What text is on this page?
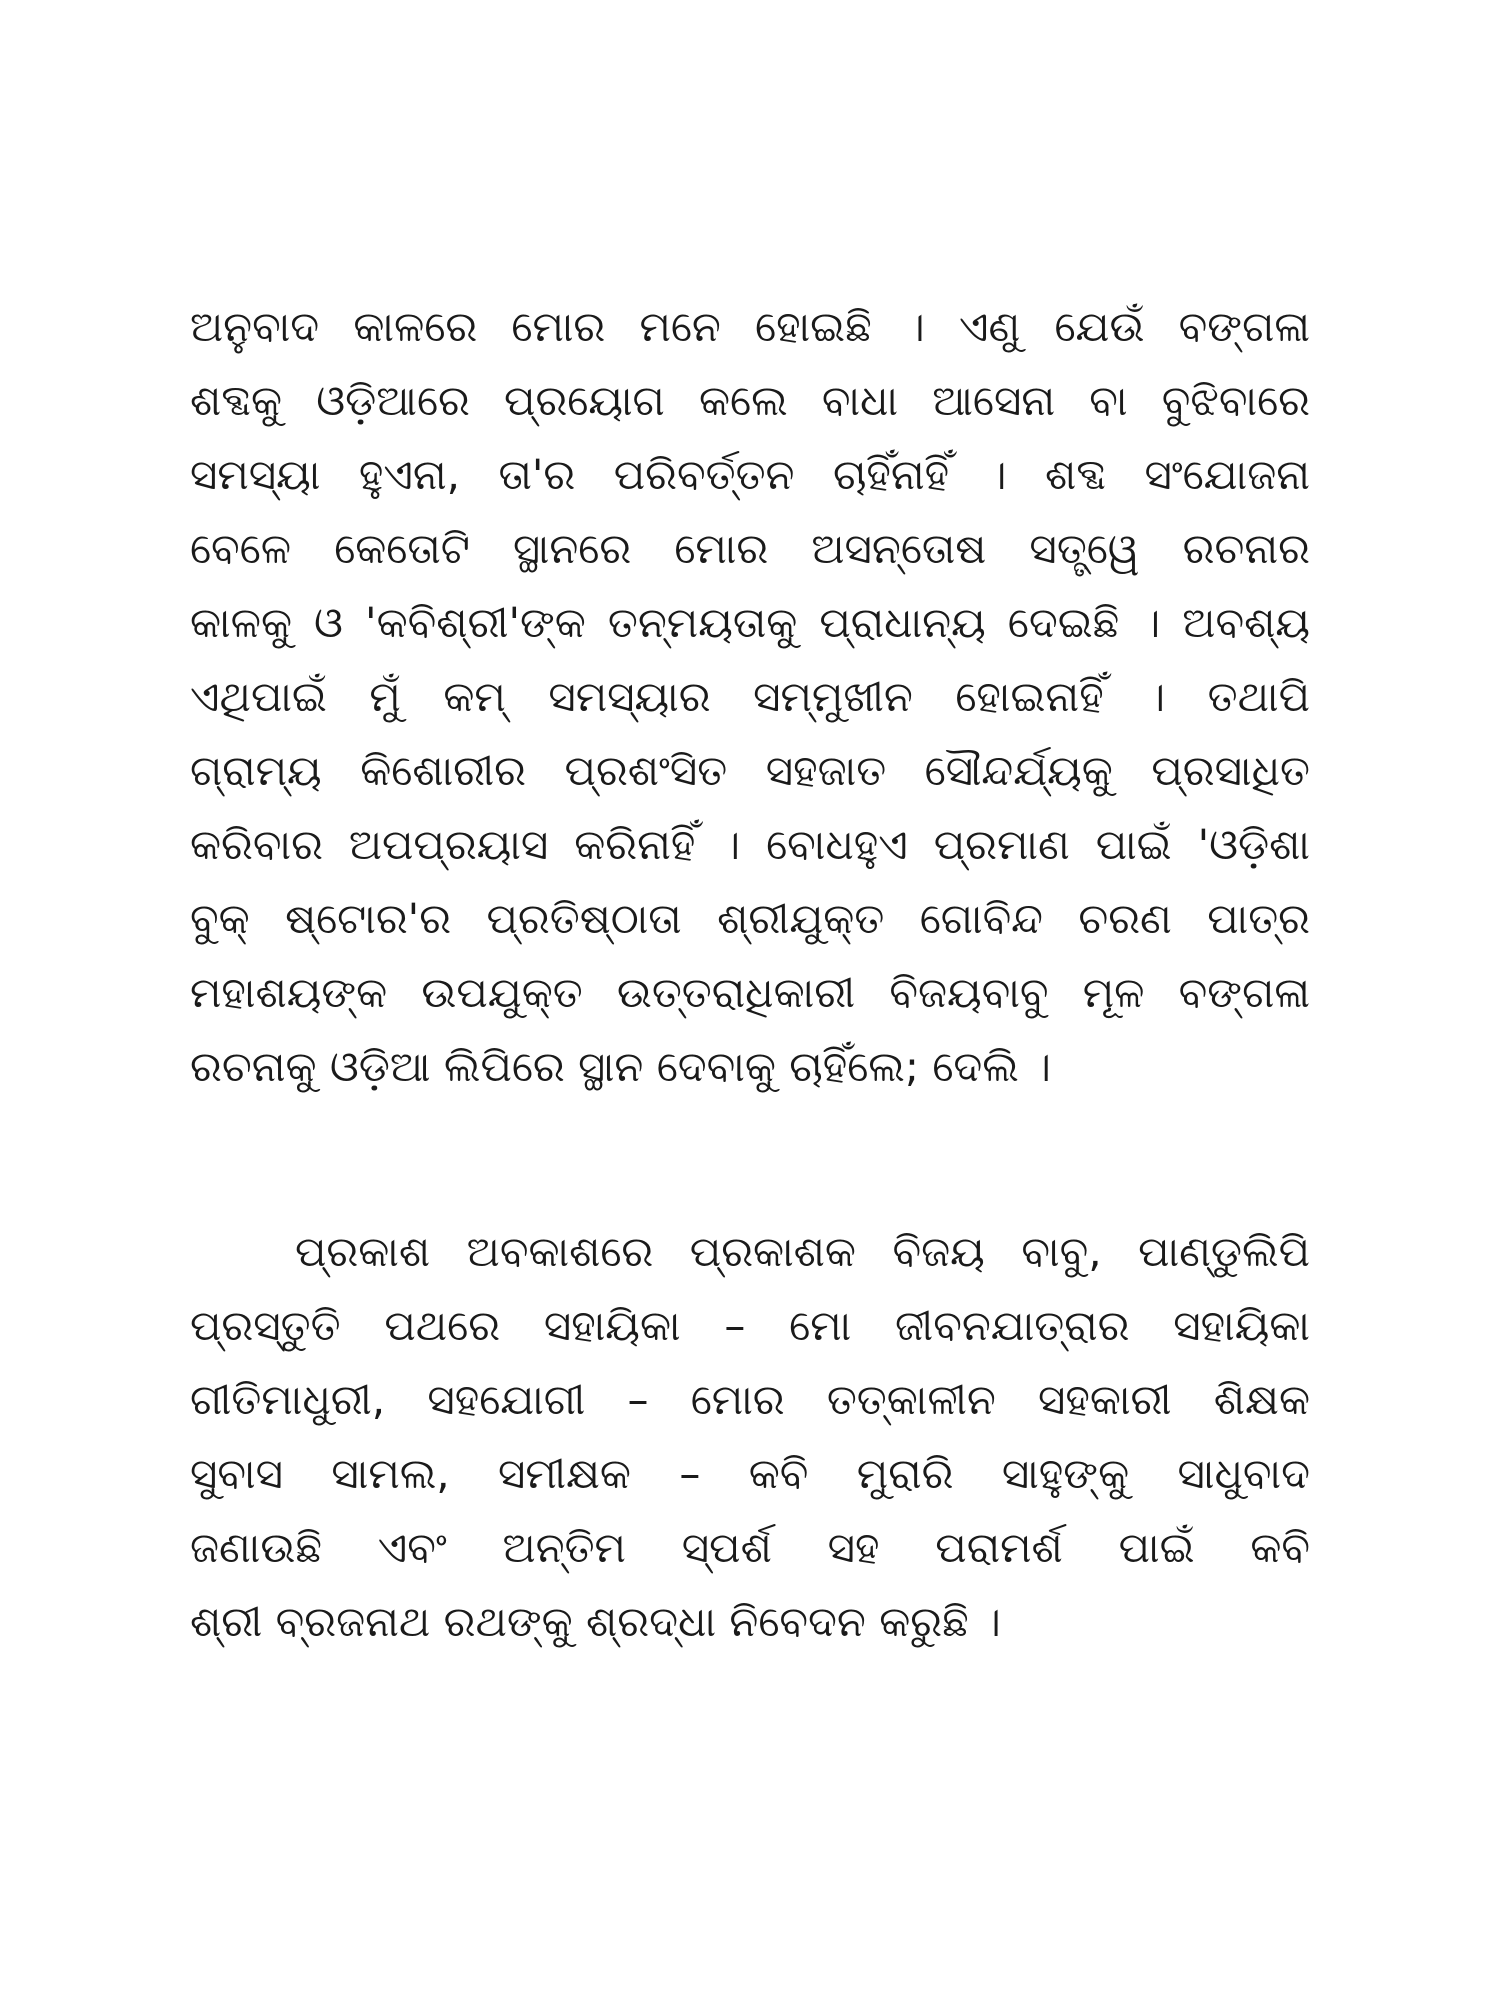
ଅନୁବାଦ କାଳରେ ମୋର ମନେ ହୋଇଛି । ଏଣୁ ଯେଉଁ ବଙ୍ଗଳା
ଶବ୍ଦକୁ ଓଡ଼ିଆରେ ପ୍ରୟୋଗ କଲେ ବାଧା ଆସେନା ବା ବୁଝିବାରେ
ସମସ୍ୟା ହୁଏନା, ତା'ର ପରିବର୍ତ୍ତନ ଚାହିଁନାହିଁ । ଶବ୍ଦ ସଂଯୋଜନା
ବେଳେ କେତୋଟି ସ୍ଥାନରେ ମୋର ଅସନ୍ତୋଷ ସତ୍ତ୍ୱେ ରଚନାର
କାଳକୁ ଓ 'କବିଶ୍ରୀ'ଙ୍କ ତନ୍ମୟତାକୁ ପ୍ରାଧାନ୍ୟ ଦେଇଛି । ଅବଶ୍ୟ
ଏଥିପାଇଁ ମୁଁ କମ୍ ସମସ୍ୟାର ସମ୍ମୁଖୀନ ହୋଇନାହିଁ । ତଥାପି
ଗ୍ରାମ୍ୟ କିଶୋରୀର ପ୍ରଶଂସିତ ସହଜାତ ସୌନ୍ଦର୍ଯ୍ୟକୁ ପ୍ରସାଧିତ
କରିବାର ଅପପ୍ରୟାସ କରିନାହିଁ । ବୋଧହୁଏ ପ୍ରମାଣ ପାଇଁ 'ଓଡ଼ିଶା
ବୁକ୍ ଷ୍ଟୋର'ର ପ୍ରତିଷ୍ଠାତା ଶ୍ରୀଯୁକ୍ତ ଗୋବିନ୍ଦ ଚରଣ ପାତ୍ର
ମହାଶୟଙ୍କ ଉପଯୁକ୍ତ ଉତ୍ତରାଧିକାରୀ ବିଜୟବାବୁ ମୂଳ ବଙ୍ଗଳା
ରଚନାକୁ ଓଡ଼ିଆ ଲିପିରେ ସ୍ଥାନ ଦେବାକୁ ଚାହିଁଲେ; ଦେଲି ।
ପ୍ରକାଶ ଅବକାଶରେ ପ୍ରକାଶକ ବିଜୟ ବାବୁ, ପାଣ୍ଡୁଲିପି
ପ୍ରସ୍ତୁତି ପଥରେ ସହାୟିକା – ମୋ ଜୀବନଯାତ୍ରାର ସହାୟିକା
ଗୀତିମାଧୁରୀ, ସହଯୋଗୀ – ମୋର ତତ୍କାଳୀନ ସହକାରୀ ଶିକ୍ଷକ
ସୁବାସ ସାମଲ, ସମୀକ୍ଷକ – କବି ମୁରାରି ସାହୁଙ୍କୁ ସାଧୁବାଦ
ଜଣାଉଛି ଏବଂ ଅନ୍ତିମ ସ୍ପର୍ଶ ସହ ପରାମର୍ଶ ପାଇଁ କବି
ଶ୍ରୀ ବ୍ରଜନାଥ ରଥଙ୍କୁ ଶ୍ରଦ୍ଧା ନିବେଦନ କରୁଛି ।
